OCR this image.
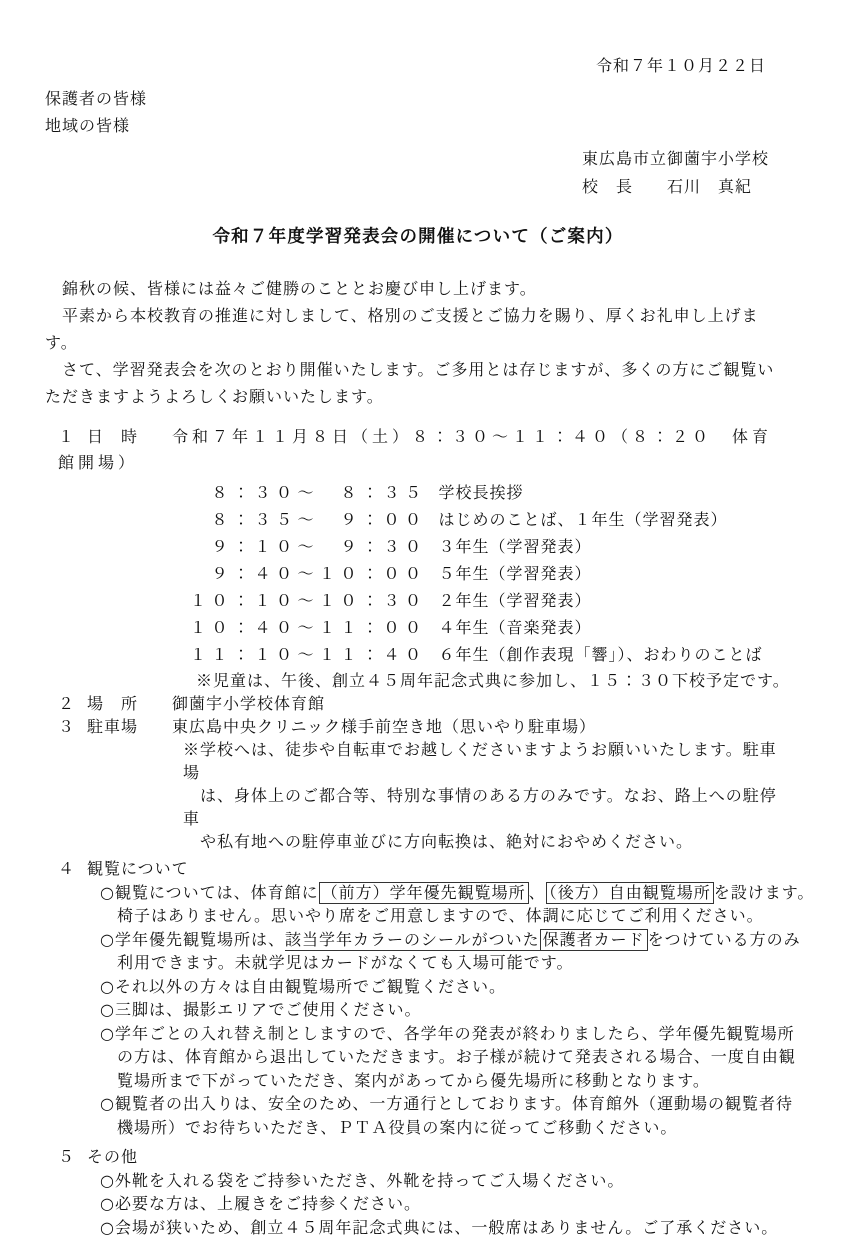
令和７年１０月２２日
保護者の皆様
地域の皆様
東広島市立御薗宇小学校
校　長　　石川　真紀
令和７年度学習発表会の開催について（ご案内）
　錦秋の候、皆様には益々ご健勝のこととお慶び申し上げます。
　平素から本校教育の推進に対しまして、格別のご支援とご協力を賜り、厚くお礼申し上げます。
　さて、学習発表会を次のとおり開催いたします。ご多用とは存じますが、多くの方にご観覧い
ただきますようよろしくお願いいたします。
１ 日　時 令和７年１１月８日（土）８：３０～１１：４０（８：２０　体育館開場）
　８：３０～　８：３５ 学校長挨拶
　８：３５～　９：００ はじめのことば、１年生（学習発表）
　９：１０～　９：３０ ３年生（学習発表）
　９：４０～１０：００ ５年生（学習発表）
１０：１０～１０：３０ ２年生（学習発表）
１０：４０～１１：００ ４年生（音楽発表）
１１：１０～１１：４０ ６年生（創作表現「響」）、おわりのことば
※児童は、午後、創立４５周年記念式典に参加し、１５：３０下校予定です。
２ 場　所 御薗宇小学校体育館
３ 駐車場 東広島中央クリニック様手前空き地（思いやり駐車場）
※学校へは、徒歩や自転車でお越しくださいますようお願いいたします。駐車場
　は、身体上のご都合等、特別な事情のある方のみです。なお、路上への駐停車
　や私有地への駐停車並びに方向転換は、絶対におやめください。
４ 観覧について
○観覧については、体育館に （前方）学年優先観覧場所 、 （後方）自由観覧場所 を設けます。
　椅子はありません。思いやり席をご用意しますので、体調に応じてご利用ください。
○学年優先観覧場所は、該当学年カラーのシールがついた 保護者カード をつけている方のみ
　利用できます。未就学児はカードがなくても入場可能です。
○それ以外の方々は自由観覧場所でご観覧ください。
○三脚は、撮影エリアでご使用ください。
○学年ごとの入れ替え制としますので、各学年の発表が終わりましたら、学年優先観覧場所
　の方は、体育館から退出していただきます。お子様が続けて発表される場合、一度自由観
　覧場所まで下がっていただき、案内があってから優先場所に移動となります。
○観覧者の出入りは、安全のため、一方通行としております。体育館外（運動場の観覧者待
　機場所）でお待ちいただき、ＰＴＡ役員の案内に従ってご移動ください。
５ その他
○外靴を入れる袋をご持参いただき、外靴を持ってご入場ください。
○必要な方は、上履きをご持参ください。
○会場が狭いため、創立４５周年記念式典には、一般席はありません。ご了承ください。
